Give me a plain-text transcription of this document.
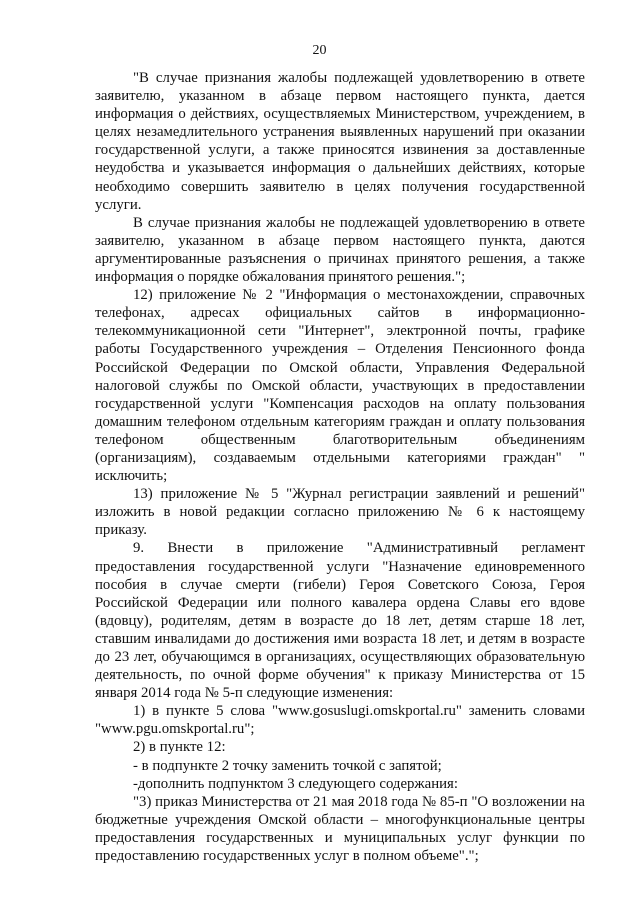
20

"В случае признания жалобы подлежащей удовлетворению в ответе заявителю, указанном в абзаце первом настоящего пункта, дается информация о действиях, осуществляемых Министерством, учреждением, в целях незамедлительного устранения выявленных нарушений при оказании государственной услуги, а также приносятся извинения за доставленные неудобства и указывается информация о дальнейших действиях, которые необходимо совершить заявителю в целях получения государственной услуги.

В случае признания жалобы не подлежащей удовлетворению в ответе заявителю, указанном в абзаце первом настоящего пункта, даются аргументированные разъяснения о причинах принятого решения, а также информация о порядке обжалования принятого решения.";

12) приложение № 2 "Информация о местонахождении, справочных телефонах, адресах официальных сайтов в информационно-телекоммуникационной сети "Интернет", электронной почты, графике работы Государственного учреждения – Отделения Пенсионного фонда Российской Федерации по Омской области, Управления Федеральной налоговой службы по Омской области, участвующих в предоставлении государственной услуги "Компенсация расходов на оплату пользования домашним телефоном отдельным категориям граждан и оплату пользования телефоном общественным благотворительным объединениям (организациям), создаваемым отдельными категориями граждан" " исключить;

13) приложение № 5 "Журнал регистрации заявлений и решений" изложить в новой редакции согласно приложению № 6 к настоящему приказу.

9. Внести в приложение "Административный регламент предоставления государственной услуги "Назначение единовременного пособия в случае смерти (гибели) Героя Советского Союза, Героя Российской Федерации или полного кавалера ордена Славы его вдове (вдовцу), родителям, детям в возрасте до 18 лет, детям старше 18 лет, ставшим инвалидами до достижения ими возраста 18 лет, и детям в возрасте до 23 лет, обучающимся в организациях, осуществляющих образовательную деятельность, по очной форме обучения" к приказу Министерства от 15 января 2014 года № 5-п следующие изменения:

1) в пункте 5 слова "www.gosuslugi.omskportal.ru" заменить словами "www.pgu.omskportal.ru";

2) в пункте 12:

- в подпункте 2 точку заменить точкой с запятой;

-дополнить подпунктом 3 следующего содержания:

"3) приказ Министерства от 21 мая 2018 года № 85-п "О возложении на бюджетные учреждения Омской области – многофункциональные центры предоставления государственных и муниципальных услуг функции по предоставлению государственных услуг в полном объеме".";
